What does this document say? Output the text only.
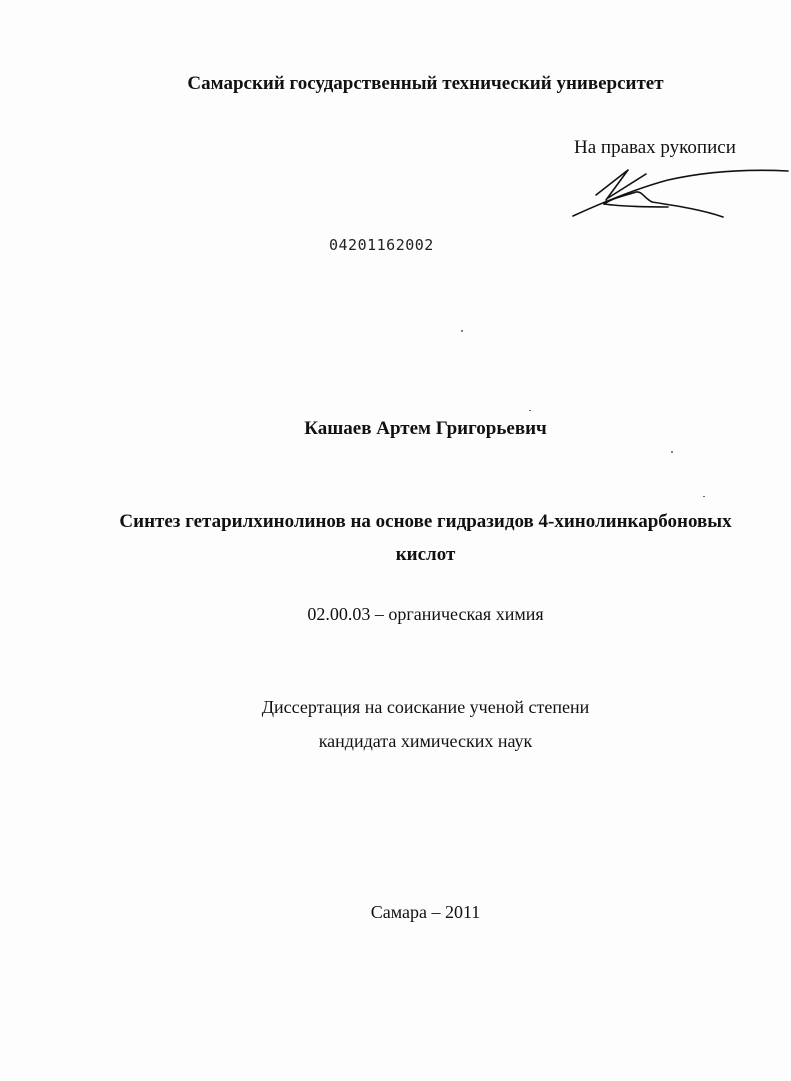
Самарский государственный технический университет
На правах рукописи
04201162002
Кашаев Артем Григорьевич
Синтез гетарилхинолинов на основе гидразидов 4-хинолинкарбоновых
кислот
02.00.03 – органическая химия
Диссертация на соискание ученой степени
кандидата химических наук
Самара – 2011
